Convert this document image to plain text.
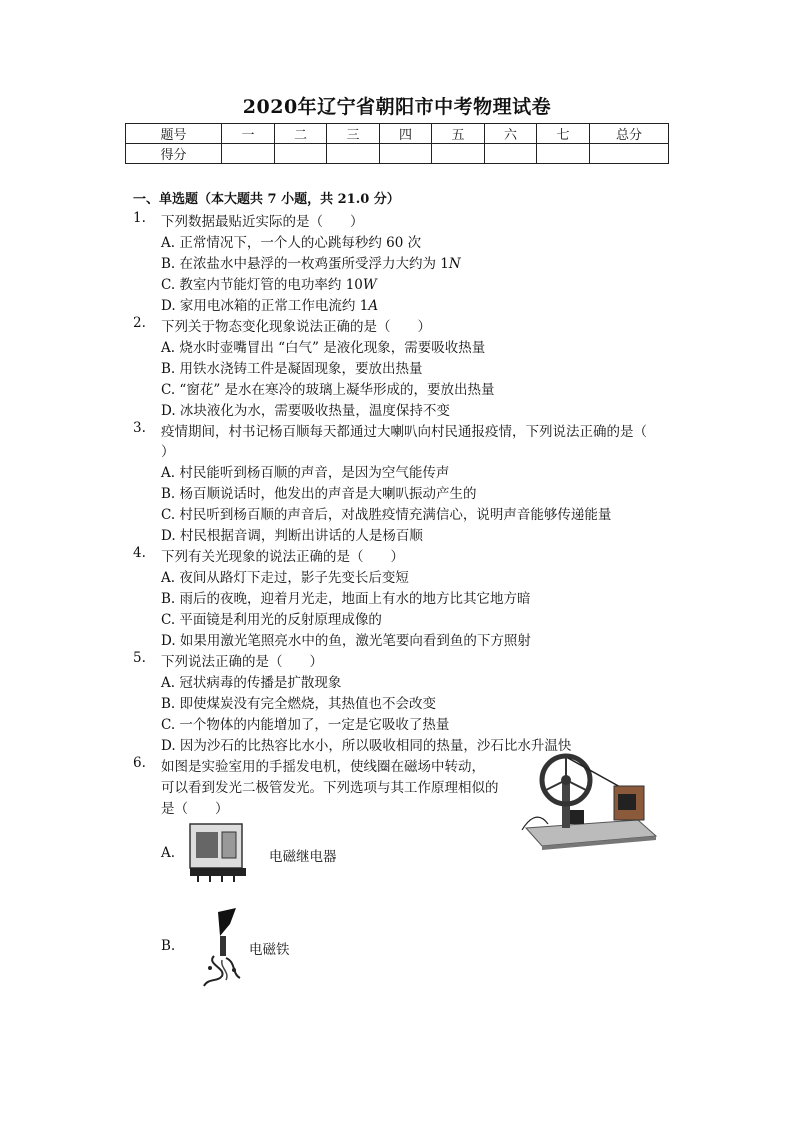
2020年辽宁省朝阳市中考物理试卷
题号	一	二	三	四	五	六	七	总分
得分								
一、单选题（本大题共 7 小题，共 21.0 分）
1. 下列数据最贴近实际的是（　　）
A. 正常情况下，一个人的心跳每秒约 60 次
B. 在浓盐水中悬浮的一枚鸡蛋所受浮力大约为 1N
C. 教室内节能灯管的电功率约 10W
D. 家用电冰箱的正常工作电流约 1A
2. 下列关于物态变化现象说法正确的是（　　）
A. 烧水时壶嘴冒出 “白气” 是液化现象，需要吸收热量
B. 用铁水浇铸工件是凝固现象，要放出热量
C. “窗花” 是水在寒冷的玻璃上凝华形成的，要放出热量
D. 冰块液化为水，需要吸收热量，温度保持不变
3. 疫情期间，村书记杨百顺每天都通过大喇叭向村民通报疫情，下列说法正确的是（
）
A. 村民能听到杨百顺的声音，是因为空气能传声
B. 杨百顺说话时，他发出的声音是大喇叭振动产生的
C. 村民听到杨百顺的声音后，对战胜疫情充满信心，说明声音能够传递能量
D. 村民根据音调，判断出讲话的人是杨百顺
4. 下列有关光现象的说法正确的是（　　）
A. 夜间从路灯下走过，影子先变长后变短
B. 雨后的夜晚，迎着月光走，地面上有水的地方比其它地方暗
C. 平面镜是利用光的反射原理成像的
D. 如果用激光笔照亮水中的鱼，激光笔要向看到鱼的下方照射
5. 下列说法正确的是（　　）
A. 冠状病毒的传播是扩散现象
B. 即使煤炭没有完全燃烧，其热值也不会改变
C. 一个物体的内能增加了，一定是它吸收了热量
D. 因为沙石的比热容比水小，所以吸收相同的热量，沙石比水升温快
6. 如图是实验室用的手摇发电机，使线圈在磁场中转动，
可以看到发光二极管发光。下列选项与其工作原理相似的
是（　　）
A.	电磁继电器
B.	电磁铁
